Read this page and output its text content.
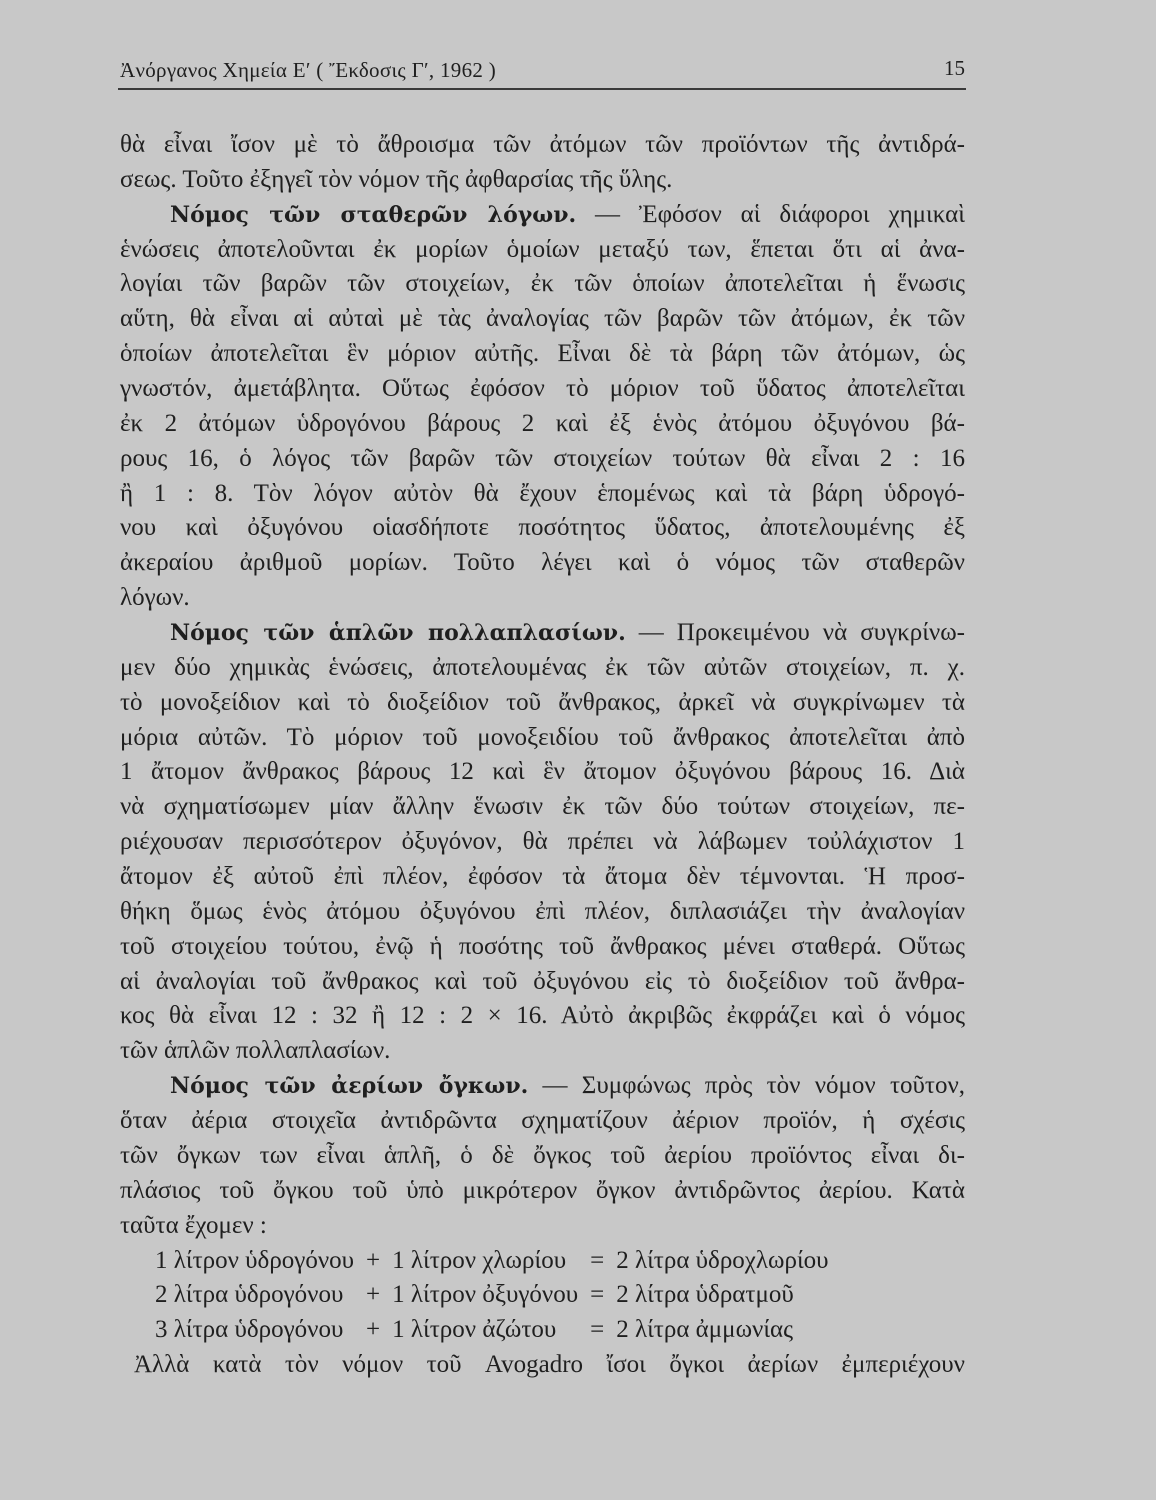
Ἀνόργανος Χημεία Ε′ ( Ἔκδοσις Γ′, 1962 )	15
θὰ εἶναι ἴσον μὲ τὸ ἄθροισμα τῶν ἀτόμων τῶν προϊόντων τῆς ἀντιδρά-
σεως. Τοῦτο ἐξηγεῖ τὸν νόμον τῆς ἀφθαρσίας τῆς ὕλης.
Νόμος τῶν σταθερῶν λόγων. — Ἐφόσον αἱ διάφοροι χημικαὶ
ἑνώσεις ἀποτελοῦνται ἐκ μορίων ὁμοίων μεταξύ των, ἕπεται ὅτι αἱ ἀνα-
λογίαι τῶν βαρῶν τῶν στοιχείων, ἐκ τῶν ὁποίων ἀποτελεῖται ἡ ἕνωσις
αὕτη, θὰ εἶναι αἱ αὐταὶ μὲ τὰς ἀναλογίας τῶν βαρῶν τῶν ἀτόμων, ἐκ τῶν
ὁποίων ἀποτελεῖται ἓν μόριον αὐτῆς. Εἶναι δὲ τὰ βάρη τῶν ἀτόμων, ὡς
γνωστόν, ἀμετάβλητα. Οὕτως ἐφόσον τὸ μόριον τοῦ ὕδατος ἀποτελεῖται
ἐκ 2 ἀτόμων ὑδρογόνου βάρους 2 καὶ ἐξ ἑνὸς ἀτόμου ὀξυγόνου βά-
ρους 16, ὁ λόγος τῶν βαρῶν τῶν στοιχείων τούτων θὰ εἶναι 2 : 16
ἢ 1 : 8. Τὸν λόγον αὐτὸν θὰ ἔχουν ἑπομένως καὶ τὰ βάρη ὑδρογό-
νου καὶ ὀξυγόνου οἱασδήποτε ποσότητος ὕδατος, ἀποτελουμένης ἐξ
ἀκεραίου ἀριθμοῦ μορίων. Τοῦτο λέγει καὶ ὁ νόμος τῶν σταθερῶν
λόγων.
Νόμος τῶν ἁπλῶν πολλαπλασίων. — Προκειμένου νὰ συγκρίνω-
μεν δύο χημικὰς ἑνώσεις, ἀποτελουμένας ἐκ τῶν αὐτῶν στοιχείων, π. χ.
τὸ μονοξείδιον καὶ τὸ διοξείδιον τοῦ ἄνθρακος, ἀρκεῖ νὰ συγκρίνωμεν τὰ
μόρια αὐτῶν. Τὸ μόριον τοῦ μονοξειδίου τοῦ ἄνθρακος ἀποτελεῖται ἀπὸ
1 ἄτομον ἄνθρακος βάρους 12 καὶ ἓν ἄτομον ὀξυγόνου βάρους 16. Διὰ
νὰ σχηματίσωμεν μίαν ἄλλην ἕνωσιν ἐκ τῶν δύο τούτων στοιχείων, πε-
ριέχουσαν περισσότερον ὀξυγόνον, θὰ πρέπει νὰ λάβωμεν τοὐλάχιστον 1
ἄτομον ἐξ αὐτοῦ ἐπὶ πλέον, ἐφόσον τὰ ἄτομα δὲν τέμνονται. Ἡ προσ-
θήκη ὅμως ἑνὸς ἀτόμου ὀξυγόνου ἐπὶ πλέον, διπλασιάζει τὴν ἀναλογίαν
τοῦ στοιχείου τούτου, ἐνῷ ἡ ποσότης τοῦ ἄνθρακος μένει σταθερά. Οὕτως
αἱ ἀναλογίαι τοῦ ἄνθρακος καὶ τοῦ ὀξυγόνου εἰς τὸ διοξείδιον τοῦ ἄνθρα-
κος θὰ εἶναι 12 : 32 ἢ 12 : 2 × 16. Αὐτὸ ἀκριβῶς ἐκφράζει καὶ ὁ νόμος
τῶν ἁπλῶν πολλαπλασίων.
Νόμος τῶν ἀερίων ὄγκων. — Συμφώνως πρὸς τὸν νόμον τοῦτον,
ὅταν ἀέρια στοιχεῖα ἀντιδρῶντα σχηματίζουν ἀέριον προϊόν, ἡ σχέσις
τῶν ὄγκων των εἶναι ἁπλῆ, ὁ δὲ ὄγκος τοῦ ἀερίου προϊόντος εἶναι δι-
πλάσιος τοῦ ὄγκου τοῦ ὑπὸ μικρότερον ὄγκον ἀντιδρῶντος ἀερίου. Κατὰ
ταῦτα ἔχομεν :
1 λίτρον ὑδρογόνου + 1 λίτρον χλωρίου = 2 λίτρα ὑδροχλωρίου
2 λίτρα ὑδρογόνου + 1 λίτρον ὀξυγόνου = 2 λίτρα ὑδρατμοῦ
3 λίτρα ὑδρογόνου + 1 λίτρον ἀζώτου	= 2 λίτρα ἀμμωνίας
Ἀλλὰ κατὰ τὸν νόμον τοῦ Avogadro ἴσοι ὄγκοι ἀερίων ἐμπεριέχουν
